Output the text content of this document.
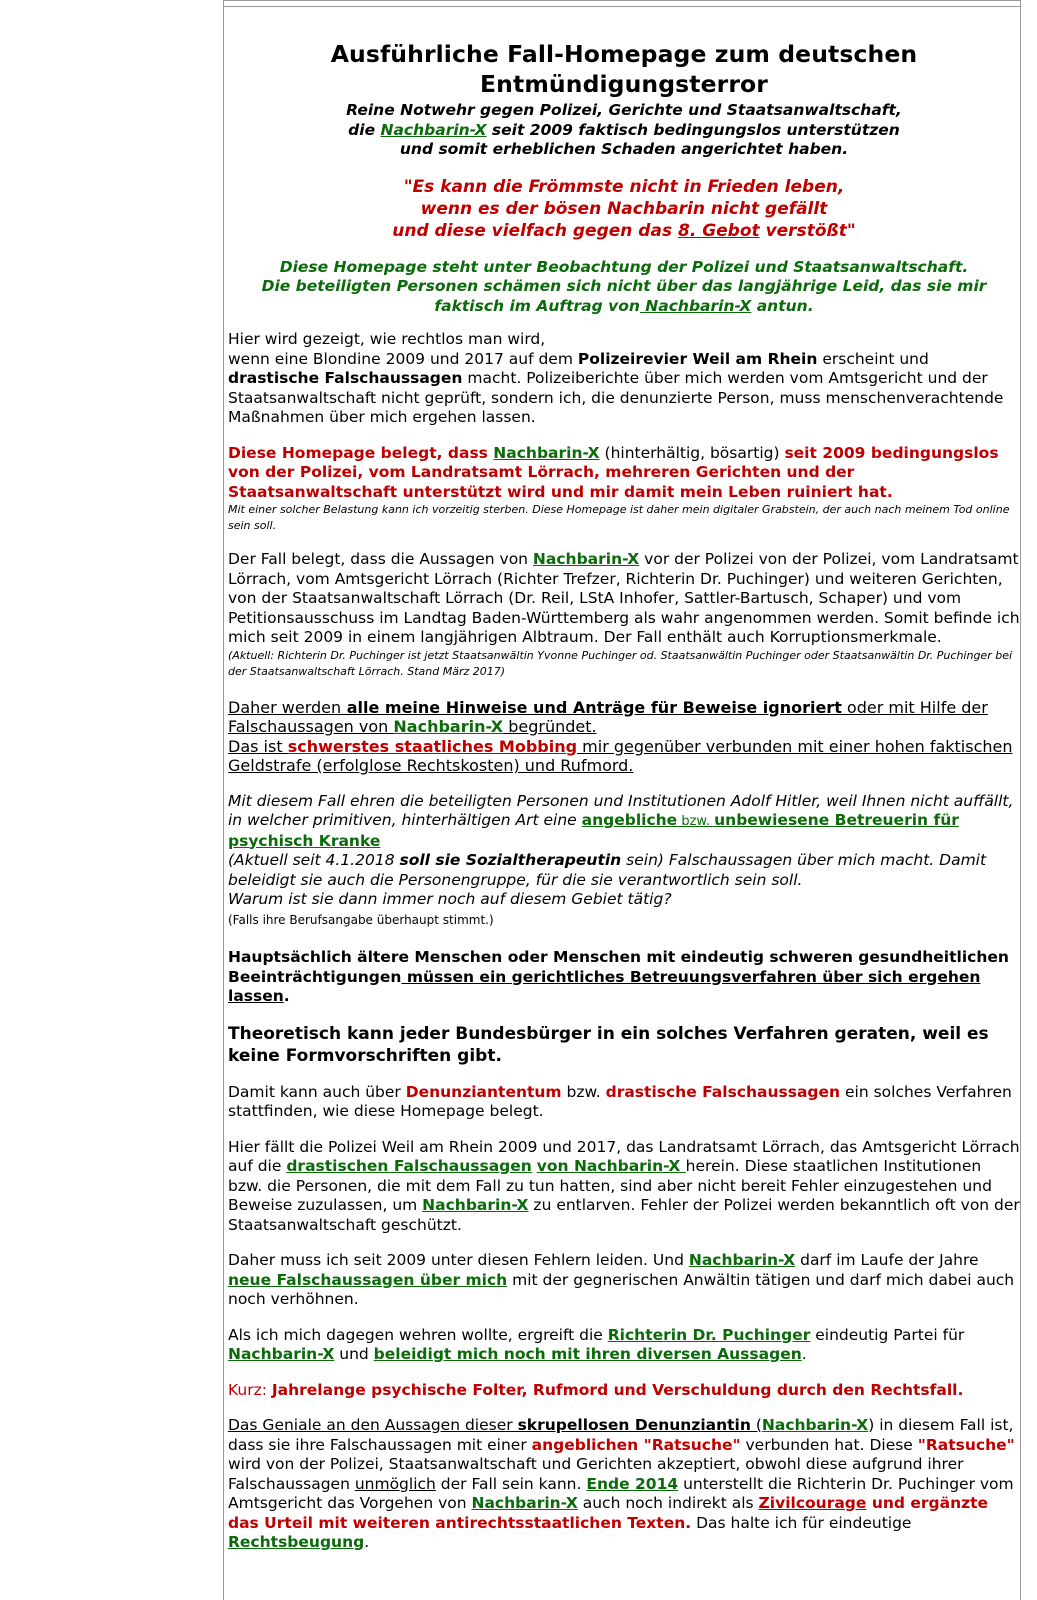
Ausführliche Fall-Homepage zum deutschen
Entmündigungsterror

Reine Notwehr gegen Polizei, Gerichte und Staatsanwaltschaft,
die Nachbarin-X seit 2009 faktisch bedingungslos unterstützen
und somit erheblichen Schaden angerichtet haben.

"Es kann die Frömmste nicht in Frieden leben,
wenn es der bösen Nachbarin nicht gefällt
und diese vielfach gegen das 8. Gebot verstößt"

Diese Homepage steht unter Beobachtung der Polizei und Staatsanwaltschaft.
Die beteiligten Personen schämen sich nicht über das langjährige Leid, das sie mir
faktisch im Auftrag von Nachbarin-X antun.

Hier wird gezeigt, wie rechtlos man wird,
wenn eine Blondine 2009 und 2017 auf dem Polizeirevier Weil am Rhein erscheint und drastische Falschaussagen macht. Polizeiberichte über mich werden vom Amtsgericht und der Staatsanwaltschaft nicht geprüft, sondern ich, die denunzierte Person, muss menschenverachtende Maßnahmen über mich ergehen lassen.

Diese Homepage belegt, dass Nachbarin-X (hinterhältig, bösartig) seit 2009 bedingungslos von der Polizei, vom Landratsamt Lörrach, mehreren Gerichten und der Staatsanwaltschaft unterstützt wird und mir damit mein Leben ruiniert hat.

Mit einer solcher Belastung kann ich vorzeitig sterben. Diese Homepage ist daher mein digitaler Grabstein, der auch nach meinem Tod online sein soll.

Der Fall belegt, dass die Aussagen von Nachbarin-X vor der Polizei von der Polizei, vom Landratsamt Lörrach, vom Amtsgericht Lörrach (Richter Trefzer, Richterin Dr. Puchinger) und weiteren Gerichten, von der Staatsanwaltschaft Lörrach (Dr. Reil, LStA Inhofer, Sattler-Bartusch, Schaper) und vom Petitionsausschuss im Landtag Baden-Württemberg als wahr angenommen werden. Somit befinde ich mich seit 2009 in einem langjährigen Albtraum. Der Fall enthält auch Korruptionsmerkmale.

(Aktuell: Richterin Dr. Puchinger ist jetzt Staatsanwältin Yvonne Puchinger od. Staatsanwältin Puchinger oder Staatsanwältin Dr. Puchinger bei der Staatsanwaltschaft Lörrach. Stand März 2017)

Daher werden alle meine Hinweise und Anträge für Beweise ignoriert oder mit Hilfe der Falschaussagen von Nachbarin-X begründet.
Das ist schwerstes staatliches Mobbing mir gegenüber verbunden mit einer hohen faktischen Geldstrafe (erfolglose Rechtskosten) und Rufmord.

Mit diesem Fall ehren die beteiligten Personen und Institutionen Adolf Hitler, weil Ihnen nicht auffällt, in welcher primitiven, hinterhältigen Art eine angebliche bzw. unbewiesene Betreuerin für psychisch Kranke
(Aktuell seit 4.1.2018 soll sie Sozialtherapeutin sein) Falschaussagen über mich macht. Damit beleidigt sie auch die Personengruppe, für die sie verantwortlich sein soll.
Warum ist sie dann immer noch auf diesem Gebiet tätig?
(Falls ihre Berufsangabe überhaupt stimmt.)

Hauptsächlich ältere Menschen oder Menschen mit eindeutig schweren gesundheitlichen Beeinträchtigungen müssen ein gerichtliches Betreuungsverfahren über sich ergehen lassen.

Theoretisch kann jeder Bundesbürger in ein solches Verfahren geraten, weil es keine Formvorschriften gibt.

Damit kann auch über Denunziantentum bzw. drastische Falschaussagen ein solches Verfahren stattfinden, wie diese Homepage belegt.

Hier fällt die Polizei Weil am Rhein 2009 und 2017, das Landratsamt Lörrach, das Amtsgericht Lörrach auf die drastischen Falschaussagen von Nachbarin-X herein. Diese staatlichen Institutionen bzw. die Personen, die mit dem Fall zu tun hatten, sind aber nicht bereit Fehler einzugestehen und Beweise zuzulassen, um Nachbarin-X zu entlarven. Fehler der Polizei werden bekanntlich oft von der Staatsanwaltschaft geschützt.

Daher muss ich seit 2009 unter diesen Fehlern leiden. Und Nachbarin-X darf im Laufe der Jahre neue Falschaussagen über mich mit der gegnerischen Anwältin tätigen und darf mich dabei auch noch verhöhnen.

Als ich mich dagegen wehren wollte, ergreift die Richterin Dr. Puchinger eindeutig Partei für Nachbarin-X und beleidigt mich noch mit ihren diversen Aussagen.

Kurz: Jahrelange psychische Folter, Rufmord und Verschuldung durch den Rechtsfall.

Das Geniale an den Aussagen dieser skrupellosen Denunziantin (Nachbarin-X) in diesem Fall ist, dass sie ihre Falschaussagen mit einer angeblichen "Ratsuche" verbunden hat. Diese "Ratsuche" wird von der Polizei, Staatsanwaltschaft und Gerichten akzeptiert, obwohl diese aufgrund ihrer Falschaussagen unmöglich der Fall sein kann. Ende 2014 unterstellt die Richterin Dr. Puchinger vom Amtsgericht das Vorgehen von Nachbarin-X auch noch indirekt als Zivilcourage und ergänzte das Urteil mit weiteren antirechtsstaatlichen Texten. Das halte ich für eindeutige Rechtsbeugung.
